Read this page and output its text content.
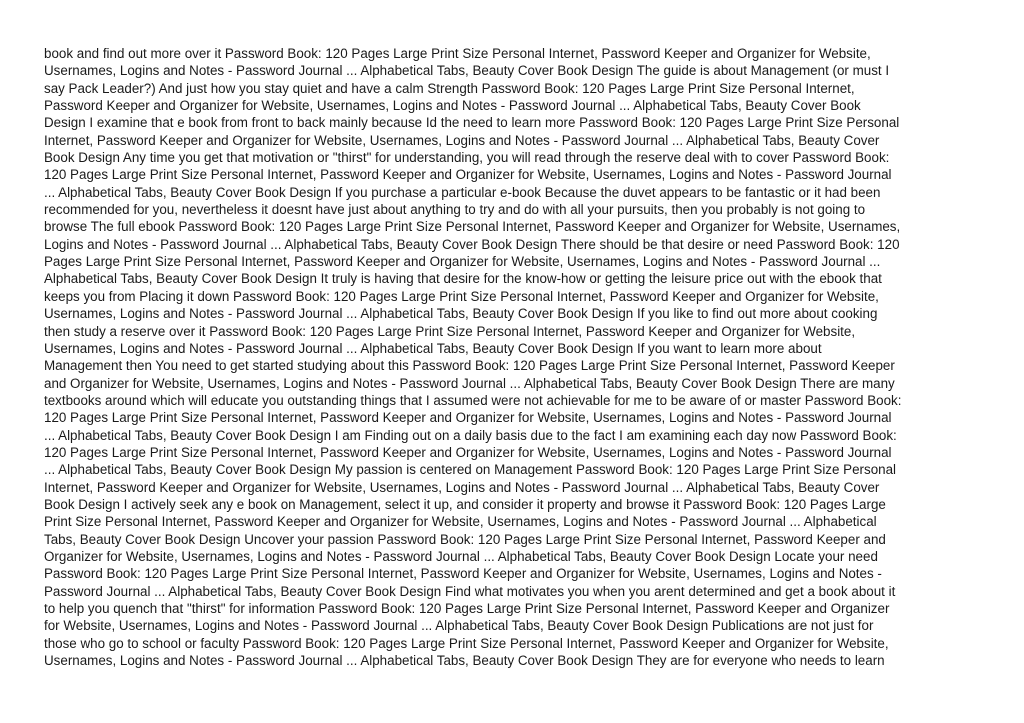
book and find out more over it Password Book: 120 Pages Large Print Size Personal Internet, Password Keeper and Organizer for Website,
Usernames, Logins and Notes - Password Journal ... Alphabetical Tabs, Beauty Cover Book Design The guide is about Management (or must I
say Pack Leader?) And just how you stay quiet and have a calm Strength Password Book: 120 Pages Large Print Size Personal Internet,
Password Keeper and Organizer for Website, Usernames, Logins and Notes - Password Journal ... Alphabetical Tabs, Beauty Cover Book
Design I examine that e book from front to back mainly because Id the need to learn more Password Book: 120 Pages Large Print Size Personal
Internet, Password Keeper and Organizer for Website, Usernames, Logins and Notes - Password Journal ... Alphabetical Tabs, Beauty Cover
Book Design Any time you get that motivation or "thirst" for understanding, you will read through the reserve deal with to cover Password Book:
120 Pages Large Print Size Personal Internet, Password Keeper and Organizer for Website, Usernames, Logins and Notes - Password Journal
... Alphabetical Tabs, Beauty Cover Book Design If you purchase a particular e-book Because the duvet appears to be fantastic or it had been
recommended for you, nevertheless it doesnt have just about anything to try and do with all your pursuits, then you probably is not going to
browse The full ebook Password Book: 120 Pages Large Print Size Personal Internet, Password Keeper and Organizer for Website, Usernames,
Logins and Notes - Password Journal ... Alphabetical Tabs, Beauty Cover Book Design There should be that desire or need Password Book: 120
Pages Large Print Size Personal Internet, Password Keeper and Organizer for Website, Usernames, Logins and Notes - Password Journal ...
Alphabetical Tabs, Beauty Cover Book Design It truly is having that desire for the know-how or getting the leisure price out with the ebook that
keeps you from Placing it down Password Book: 120 Pages Large Print Size Personal Internet, Password Keeper and Organizer for Website,
Usernames, Logins and Notes - Password Journal ... Alphabetical Tabs, Beauty Cover Book Design If you like to find out more about cooking
then study a reserve over it Password Book: 120 Pages Large Print Size Personal Internet, Password Keeper and Organizer for Website,
Usernames, Logins and Notes - Password Journal ... Alphabetical Tabs, Beauty Cover Book Design If you want to learn more about
Management then You need to get started studying about this Password Book: 120 Pages Large Print Size Personal Internet, Password Keeper
and Organizer for Website, Usernames, Logins and Notes - Password Journal ... Alphabetical Tabs, Beauty Cover Book Design There are many
textbooks around which will educate you outstanding things that I assumed were not achievable for me to be aware of or master Password Book:
120 Pages Large Print Size Personal Internet, Password Keeper and Organizer for Website, Usernames, Logins and Notes - Password Journal
... Alphabetical Tabs, Beauty Cover Book Design I am Finding out on a daily basis due to the fact I am examining each day now Password Book:
120 Pages Large Print Size Personal Internet, Password Keeper and Organizer for Website, Usernames, Logins and Notes - Password Journal
... Alphabetical Tabs, Beauty Cover Book Design My passion is centered on Management Password Book: 120 Pages Large Print Size Personal
Internet, Password Keeper and Organizer for Website, Usernames, Logins and Notes - Password Journal ... Alphabetical Tabs, Beauty Cover
Book Design I actively seek any e book on Management, select it up, and consider it property and browse it Password Book: 120 Pages Large
Print Size Personal Internet, Password Keeper and Organizer for Website, Usernames, Logins and Notes - Password Journal ... Alphabetical
Tabs, Beauty Cover Book Design Uncover your passion Password Book: 120 Pages Large Print Size Personal Internet, Password Keeper and
Organizer for Website, Usernames, Logins and Notes - Password Journal ... Alphabetical Tabs, Beauty Cover Book Design Locate your need
Password Book: 120 Pages Large Print Size Personal Internet, Password Keeper and Organizer for Website, Usernames, Logins and Notes -
Password Journal ... Alphabetical Tabs, Beauty Cover Book Design Find what motivates you when you arent determined and get a book about it
to help you quench that "thirst" for information Password Book: 120 Pages Large Print Size Personal Internet, Password Keeper and Organizer
for Website, Usernames, Logins and Notes - Password Journal ... Alphabetical Tabs, Beauty Cover Book Design Publications are not just for
those who go to school or faculty Password Book: 120 Pages Large Print Size Personal Internet, Password Keeper and Organizer for Website,
Usernames, Logins and Notes - Password Journal ... Alphabetical Tabs, Beauty Cover Book Design They are for everyone who needs to learn
